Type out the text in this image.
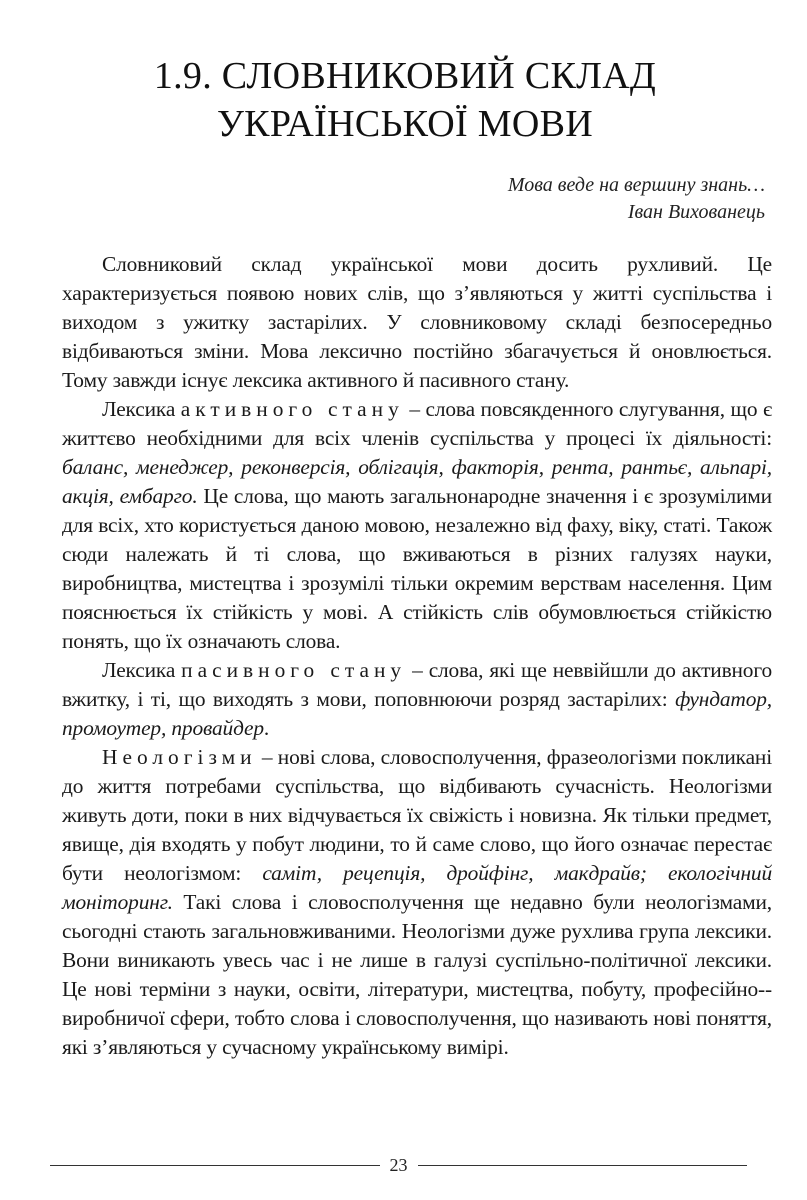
1.9. СЛОВНИКОВИЙ СКЛАД
УКРАЇНСЬКОЇ МОВИ
Мова веде на вершину знань…
Іван Вихованець

Словниковий склад української мови досить рухливий. Це характеризується появою нових слів, що з’являються у житті суспільства і виходом з ужитку застарілих. У словниковому складі безпосередньо відбиваються зміни. Мова лексично постійно збагачується й оновлюється. Тому завжди існує лексика активного й пасивного стану.

Лексика активного стану – слова повсякденного слугування, що є життєво необхідними для всіх членів суспільства у процесі їх діяльності: баланс, менеджер, реконверсія, облігація, факторія, рента, рантьє, альпарі, акція, ембарго. Це слова, що мають загальнонародне значення і є зрозумілими для всіх, хто користується даною мовою, незалежно від фаху, віку, статі. Також сюди належать й ті слова, що вживаються в різних галузях науки, виробництва, мистецтва і зрозумілі тільки окремим верствам населення. Цим пояснюється їх стійкість у мові. А стійкість слів обумовлюється стійкістю понять, що їх означають слова.

Лексика пасивного стану – слова, які ще неввійшли до активного вжитку, і ті, що виходять з мови, поповнюючи розряд застарілих: фундатор, промоутер, провайдер.

Неологізми – нові слова, словосполучення, фразеологізми покликані до життя потребами суспільства, що відбивають сучасність. Неологізми живуть доти, поки в них відчувається їх свіжість і новизна. Як тільки предмет, явище, дія входять у побут людини, то й саме слово, що його означає перестає бути неологізмом: саміт, рецепція, дройфінг, макдрайв; екологічний моніторинг. Такі слова і словосполучення ще недавно були неологізмами, сьогодні стають загальновживаними. Неологізми дуже рухлива група лексики. Вони виникають увесь час і не лише в галузі суспільно-політичної лексики. Це нові терміни з науки, освіти, літератури, мистецтва, побуту, професійно--виробничої сфери, тобто слова і словосполучення, що називають нові поняття, які з’являються у сучасному українському вимірі.

23
